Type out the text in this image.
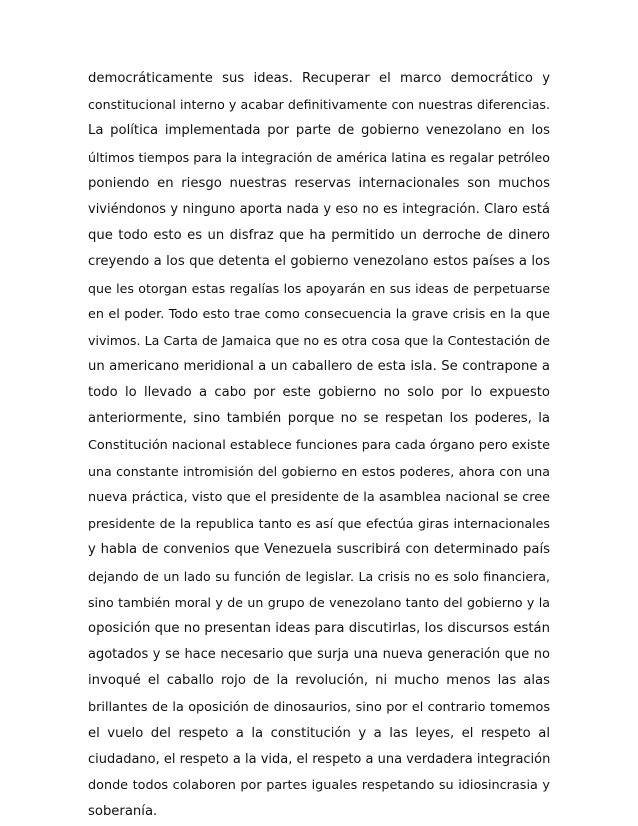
democráticamente sus ideas. Recuperar el marco democrático y
constitucional interno y acabar definitivamente con nuestras diferencias.
La política implementada por parte de gobierno venezolano en los
últimos tiempos para la integración de américa latina es regalar petróleo
poniendo en riesgo nuestras reservas internacionales son muchos
viviéndonos y ninguno aporta nada y eso no es integración. Claro está
que todo esto es un disfraz que ha permitido un derroche de dinero
creyendo a los que detenta el gobierno venezolano estos países a los
que les otorgan estas regalías los apoyarán en sus ideas de perpetuarse
en el poder. Todo esto trae como consecuencia la grave crisis en la que
vivimos. La Carta de Jamaica que no es otra cosa que la Contestación de
un americano meridional a un caballero de esta isla. Se contrapone a
todo lo llevado a cabo por este gobierno no solo por lo expuesto
anteriormente, sino también porque no se respetan los poderes, la
Constitución nacional establece funciones para cada órgano pero existe
una constante intromisión del gobierno en estos poderes, ahora con una
nueva práctica, visto que el presidente de la asamblea nacional se cree
presidente de la republica tanto es así que efectúa giras internacionales
y habla de convenios que Venezuela suscribirá con determinado país
dejando de un lado su función de legislar. La crisis no es solo financiera,
sino también moral y de un grupo de venezolano tanto del gobierno y la
oposición que no presentan ideas para discutirlas, los discursos están
agotados y se hace necesario que surja una nueva generación que no
invoqué el caballo rojo de la revolución, ni mucho menos las alas
brillantes de la oposición de dinosaurios, sino por el contrario tomemos
el vuelo del respeto a la constitución y a las leyes, el respeto al
ciudadano, el respeto a la vida, el respeto a una verdadera integración
donde todos colaboren por partes iguales respetando su idiosincrasia y
soberanía.
